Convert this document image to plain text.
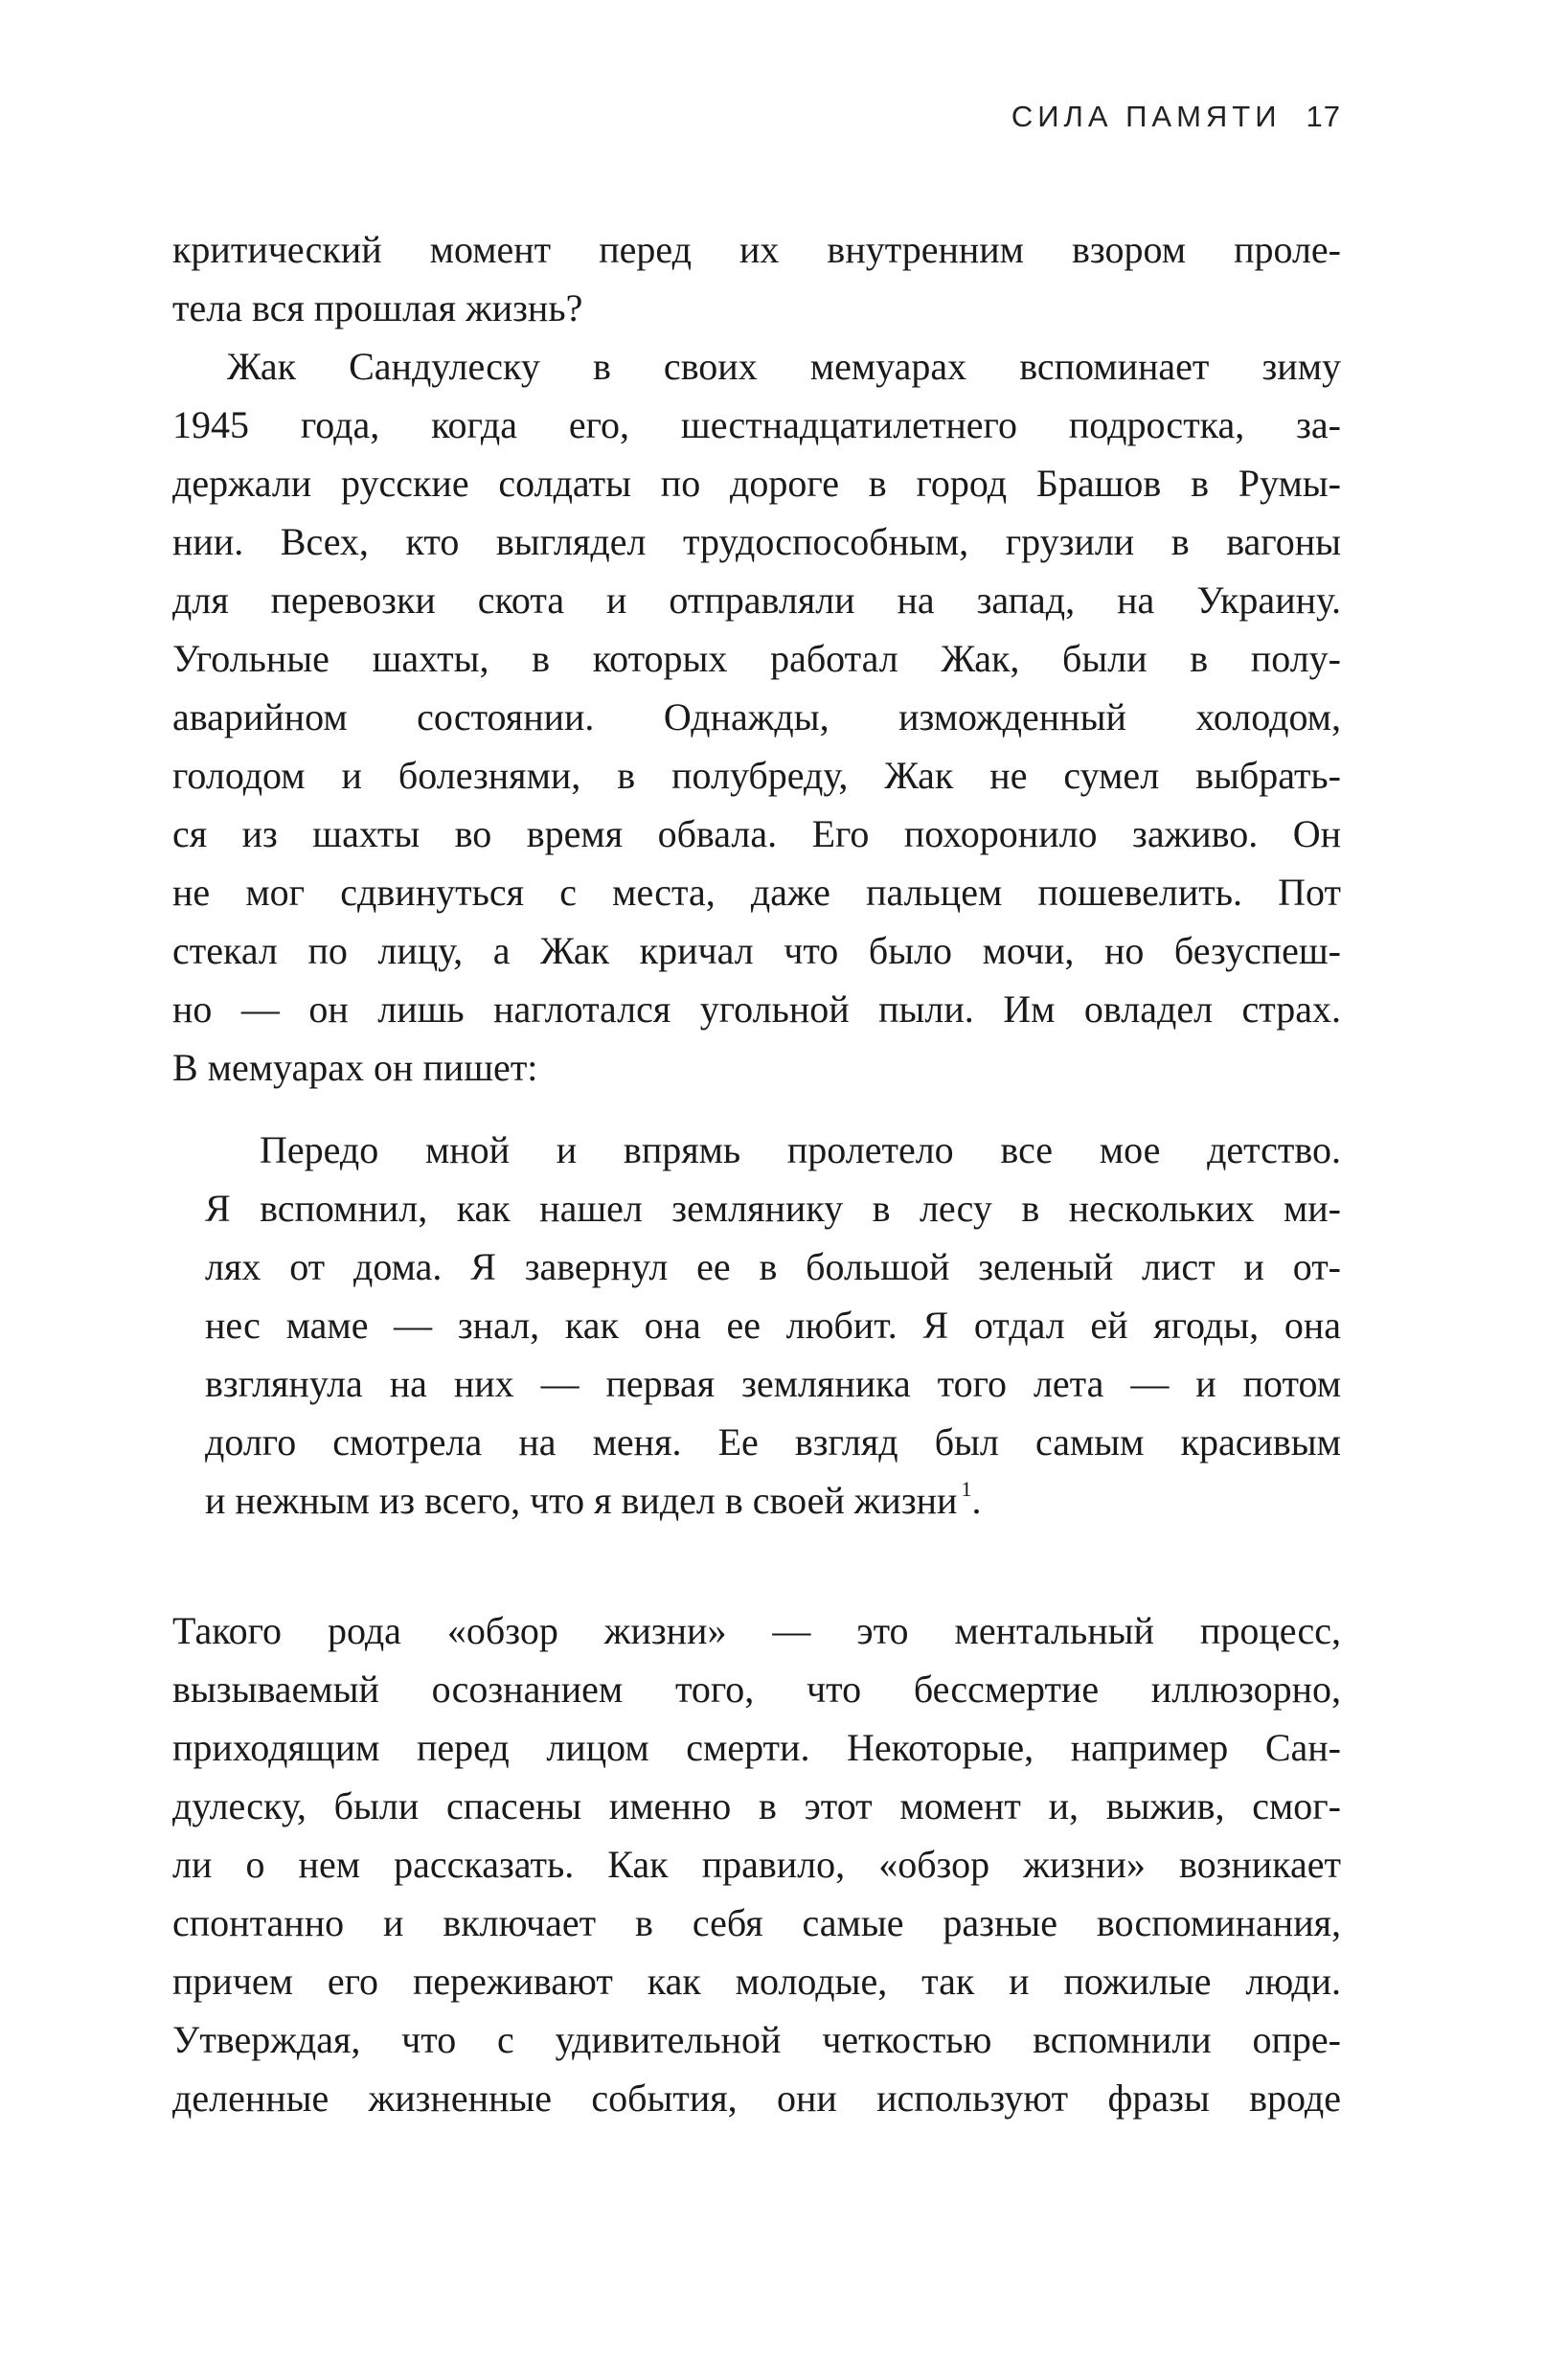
СИЛА ПАМЯТИ 17
критический момент перед их внутренним взором проле-
тела вся прошлая жизнь?
Жак Сандулеску в своих мемуарах вспоминает зиму
1945 года, когда его, шестнадцатилетнего подростка, за-
держали русские солдаты по дороге в город Брашов в Румы-
нии. Всех, кто выглядел трудоспособным, грузили в вагоны
для перевозки скота и отправляли на запад, на Украину.
Угольные шахты, в которых работал Жак, были в полу-
аварийном состоянии. Однажды, изможденный холодом,
голодом и болезнями, в полубреду, Жак не сумел выбрать-
ся из шахты во время обвала. Его похоронило заживо. Он
не мог сдвинуться с места, даже пальцем пошевелить. Пот
стекал по лицу, а Жак кричал что было мочи, но безуспеш-
но — он лишь наглотался угольной пыли. Им овладел страх.
В мемуарах он пишет:
Передо мной и впрямь пролетело все мое детство.
Я вспомнил, как нашел землянику в лесу в нескольких ми-
лях от дома. Я завернул ее в большой зеленый лист и от-
нес маме — знал, как она ее любит. Я отдал ей ягоды, она
взглянула на них — первая земляника того лета — и потом
долго смотрела на меня. Ее взгляд был самым красивым
и нежным из всего, что я видел в своей жизни $^1$.
Такого рода «обзор жизни» — это ментальный процесс,
вызываемый осознанием того, что бессмертие иллюзорно,
приходящим перед лицом смерти. Некоторые, например Сан-
дулеску, были спасены именно в этот момент и, выжив, смог-
ли о нем рассказать. Как правило, «обзор жизни» возникает
спонтанно и включает в себя самые разные воспоминания,
причем его переживают как молодые, так и пожилые люди.
Утверждая, что с удивительной четкостью вспомнили опре-
деленные жизненные события, они используют фразы вроде
